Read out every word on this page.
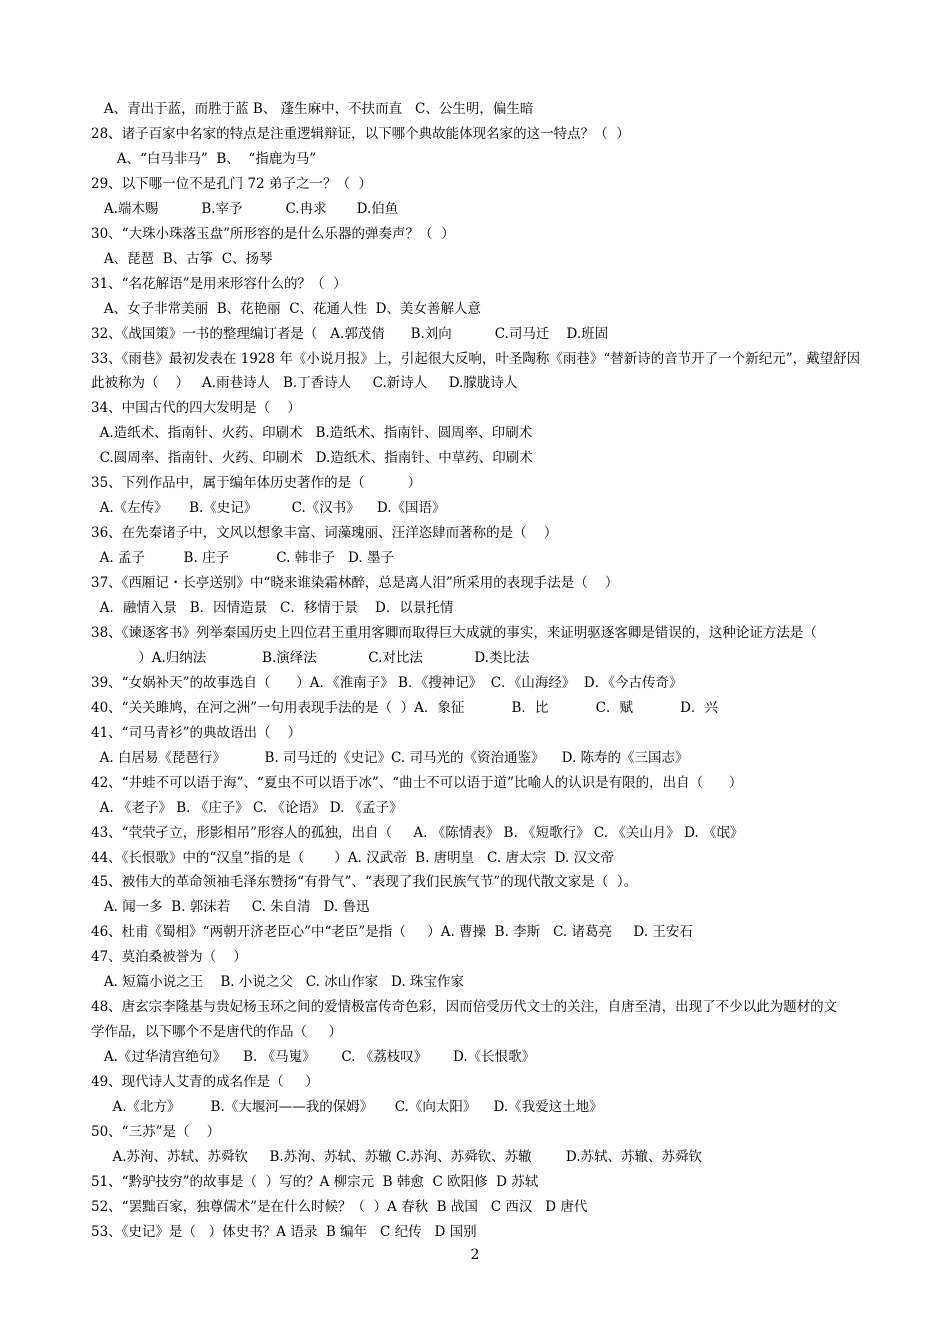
A、青出于蓝，而胜于蓝 B、 蓬生麻中，不扶而直   C、公生明，偏生暗
28、诸子百家中名家的特点是注重逻辑辩证，以下哪个典故能体现名家的这一特点？（  ）
A、“白马非马”  B、  “指鹿为马”
29、以下哪一位不是孔门 72 弟子之一？（  ）
A.端木赐          B.宰予          C.冉求       D.伯鱼
30、“大珠小珠落玉盘”所形容的是什么乐器的弹奏声？（  ）
A、琵琶  B、古筝  C、扬琴
31、“名花解语”是用来形容什么的？（  ）
A、女子非常美丽  B、花艳丽  C、花通人性  D、美女善解人意
32、《战国策》一书的整理编订者是（   A.郭茂倩      B.刘向          C.司马迁    D.班固
33、《雨巷》最初发表在 1928 年《小说月报》上，引起很大反响，叶圣陶称《雨巷》“替新诗的音节开了一个新纪元”，戴望舒因
此被称为（    ）   A.雨巷诗人   B.丁香诗人     C.新诗人     D.朦胧诗人
34、中国古代的四大发明是（    ）
A.造纸术、指南针、火药、印刷术   B.造纸术、指南针、圆周率、印刷术
C.圆周率、指南针、火药、印刷术   D.造纸术、指南针、中草药、印刷术
35、下列作品中，属于编年体历史著作的是（          ）
A.《左传》     B.《史记》        C.《汉书》    D.《国语》
36、在先秦诸子中，文风以想象丰富、词藻瑰丽、汪洋恣肆而著称的是（    ）
A. 孟子         B. 庄子           C. 韩非子   D. 墨子
37、《西厢记・长亭送别》中“晓来谁染霜林醉，总是离人泪”所采用的表现手法是（    ）
A．融情入景   B．因情造景   C．移情于景    D．以景托情
38、《谏逐客书》列举秦国历史上四位君王重用客卿而取得巨大成就的事实，来证明驱逐客卿是错误的，这种论证方法是（
）A.归纳法             B.演绎法            C.对比法            D.类比法
39、“女娲补天”的故事选自（      ）A．《淮南子》 B．《搜神记》  C．《山海经》  D．《今古传奇》
40、“关关雎鸠，在河之洲”一句用表现手法的是（  ）A．象征           B．比           C．赋           D．兴
41、“司马青衫”的典故语出（    ）
A. 白居易《琵琶行》         B. 司马迁的《史记》C. 司马光的《资治通鉴》    D. 陈寿的《三国志》
42、“井蛙不可以语于海”、“夏虫不可以语于冰”、“曲士不可以语于道”比喻人的认识是有限的，出自（      ）
A. 《老子》 B. 《庄子》 C. 《论语》 D. 《孟子》
43、“茕茕孑立，形影相吊”形容人的孤独，出自（     A. 《陈情表》 B. 《短歌行》 C. 《关山月》 D. 《氓》
44、《长恨歌》中的“汉皇”指的是（       ）A. 汉武帝  B. 唐明皇   C. 唐太宗  D. 汉文帝
45、被伟大的革命领袖毛泽东赞扬“有骨气”、“表现了我们民族气节”的现代散文家是（  ）。
A. 闻一多  B. 郭沫若     C. 朱自清   D. 鲁迅
46、杜甫《蜀相》“两朝开济老臣心”中“老臣”是指（     ）A. 曹操  B. 李斯   C. 诸葛亮     D. 王安石
47、莫泊桑被誉为（    ）
A. 短篇小说之王    B. 小说之父   C. 冰山作家   D. 珠宝作家
48、唐玄宗李隆基与贵妃杨玉环之间的爱情极富传奇色彩，因而倍受历代文士的关注，自唐至清，出现了不少以此为题材的文
学作品，以下哪个不是唐代的作品（     ）
A.《过华清宫绝句》    B. 《马嵬》      C. 《荔枝叹》      D.《长恨歌》
49、现代诗人艾青的成名作是（     ）
A.《北方》       B.《大堰河——我的保姆》     C.《向太阳》    D.《我爱这土地》
50、“三苏”是（    ）
A.苏洵、苏轼、苏舜钦     B.苏洵、苏轼、苏辙 C.苏洵、苏舜钦、苏辙        D.苏轼、苏辙、苏舜钦
51、“黔驴技穷”的故事是（  ）写的？A 柳宗元  B 韩愈  C 欧阳修  D 苏轼
52、“罢黜百家，独尊儒术”是在什么时候？（  ）A 春秋  B 战国   C 西汉   D 唐代
53、《史记》是（   ）体史书？A 语录  B 编年   C 纪传   D 国别
2
